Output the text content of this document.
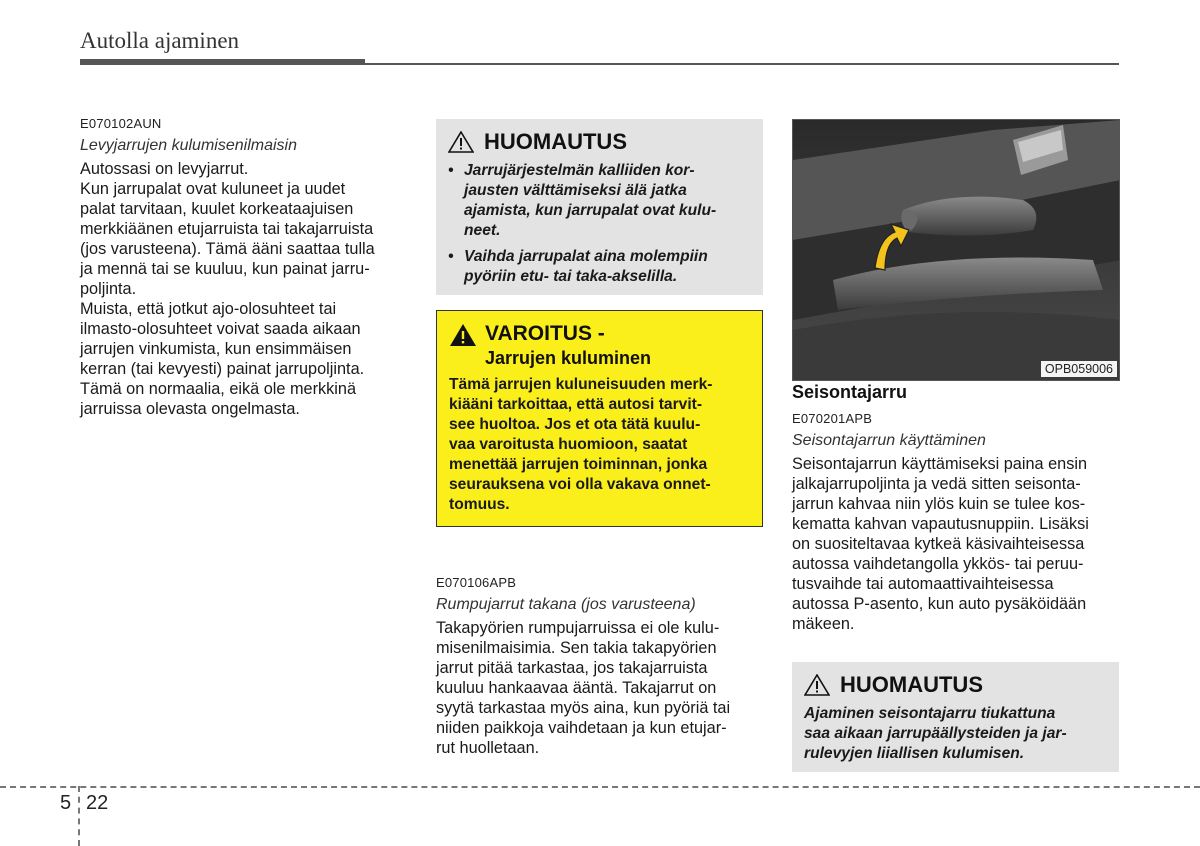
Autolla ajaminen
E070102AUN
Levyjarrujen kulumisenilmaisin
Autossasi on levyjarrut.
Kun jarrupalat ovat kuluneet ja uudet
palat tarvitaan, kuulet korkeataajuisen
merkkiäänen etujarruista tai takajarruista
(jos varusteena). Tämä ääni saattaa tulla
ja mennä tai se kuuluu, kun painat jarru-
poljinta.
Muista, että jotkut ajo-olosuhteet tai
ilmasto-olosuhteet voivat saada aikaan
jarrujen vinkumista, kun ensimmäisen
kerran (tai kevyesti) painat jarrupoljinta.
Tämä on normaalia, eikä ole merkkinä
jarruissa olevasta ongelmasta.
HUOMAUTUS
• Jarrujärjestelmän kalliiden kor-
jausten välttämiseksi älä jatka
ajamista, kun jarrupalat ovat kulu-
neet.
• Vaihda jarrupalat aina molempiin
pyöriin etu- tai taka-akselilla.
VAROITUS -
Jarrujen kuluminen
Tämä jarrujen kuluneisuuden merk-
kiääni tarkoittaa, että autosi tarvit-
see huoltoa. Jos et ota tätä kuulu-
vaa varoitusta huomioon, saatat
menettää jarrujen toiminnan, jonka
seurauksena voi olla vakava onnet-
tomuus.
E070106APB
Rumpujarrut takana (jos varusteena)
Takapyörien rumpujarruissa ei ole kulu-
misenilmaisimia. Sen takia takapyörien
jarrut pitää tarkastaa, jos takajarruista
kuuluu hankaavaa ääntä. Takajarrut on
syytä tarkastaa myös aina, kun pyöriä tai
niiden paikkoja vaihdetaan ja kun etujar-
rut huolletaan.
OPB059006
Seisontajarru
E070201APB
Seisontajarrun käyttäminen
Seisontajarrun käyttämiseksi paina ensin
jalkajarrupoljinta ja vedä sitten seisonta-
jarrun kahvaa niin ylös kuin se tulee kos-
kematta kahvan vapautusnuppiin. Lisäksi
on suositeltavaa kytkeä käsivaihteisessa
autossa vaihdetangolla ykkös- tai peruu-
tusvaihde tai automaattivaihteisessa
autossa P-asento, kun auto pysäköidään
mäkeen.
HUOMAUTUS
Ajaminen seisontajarru tiukattuna
saa aikaan jarrupäällysteiden ja jar-
rulevyjen liiallisen kulumisen.
5 22
